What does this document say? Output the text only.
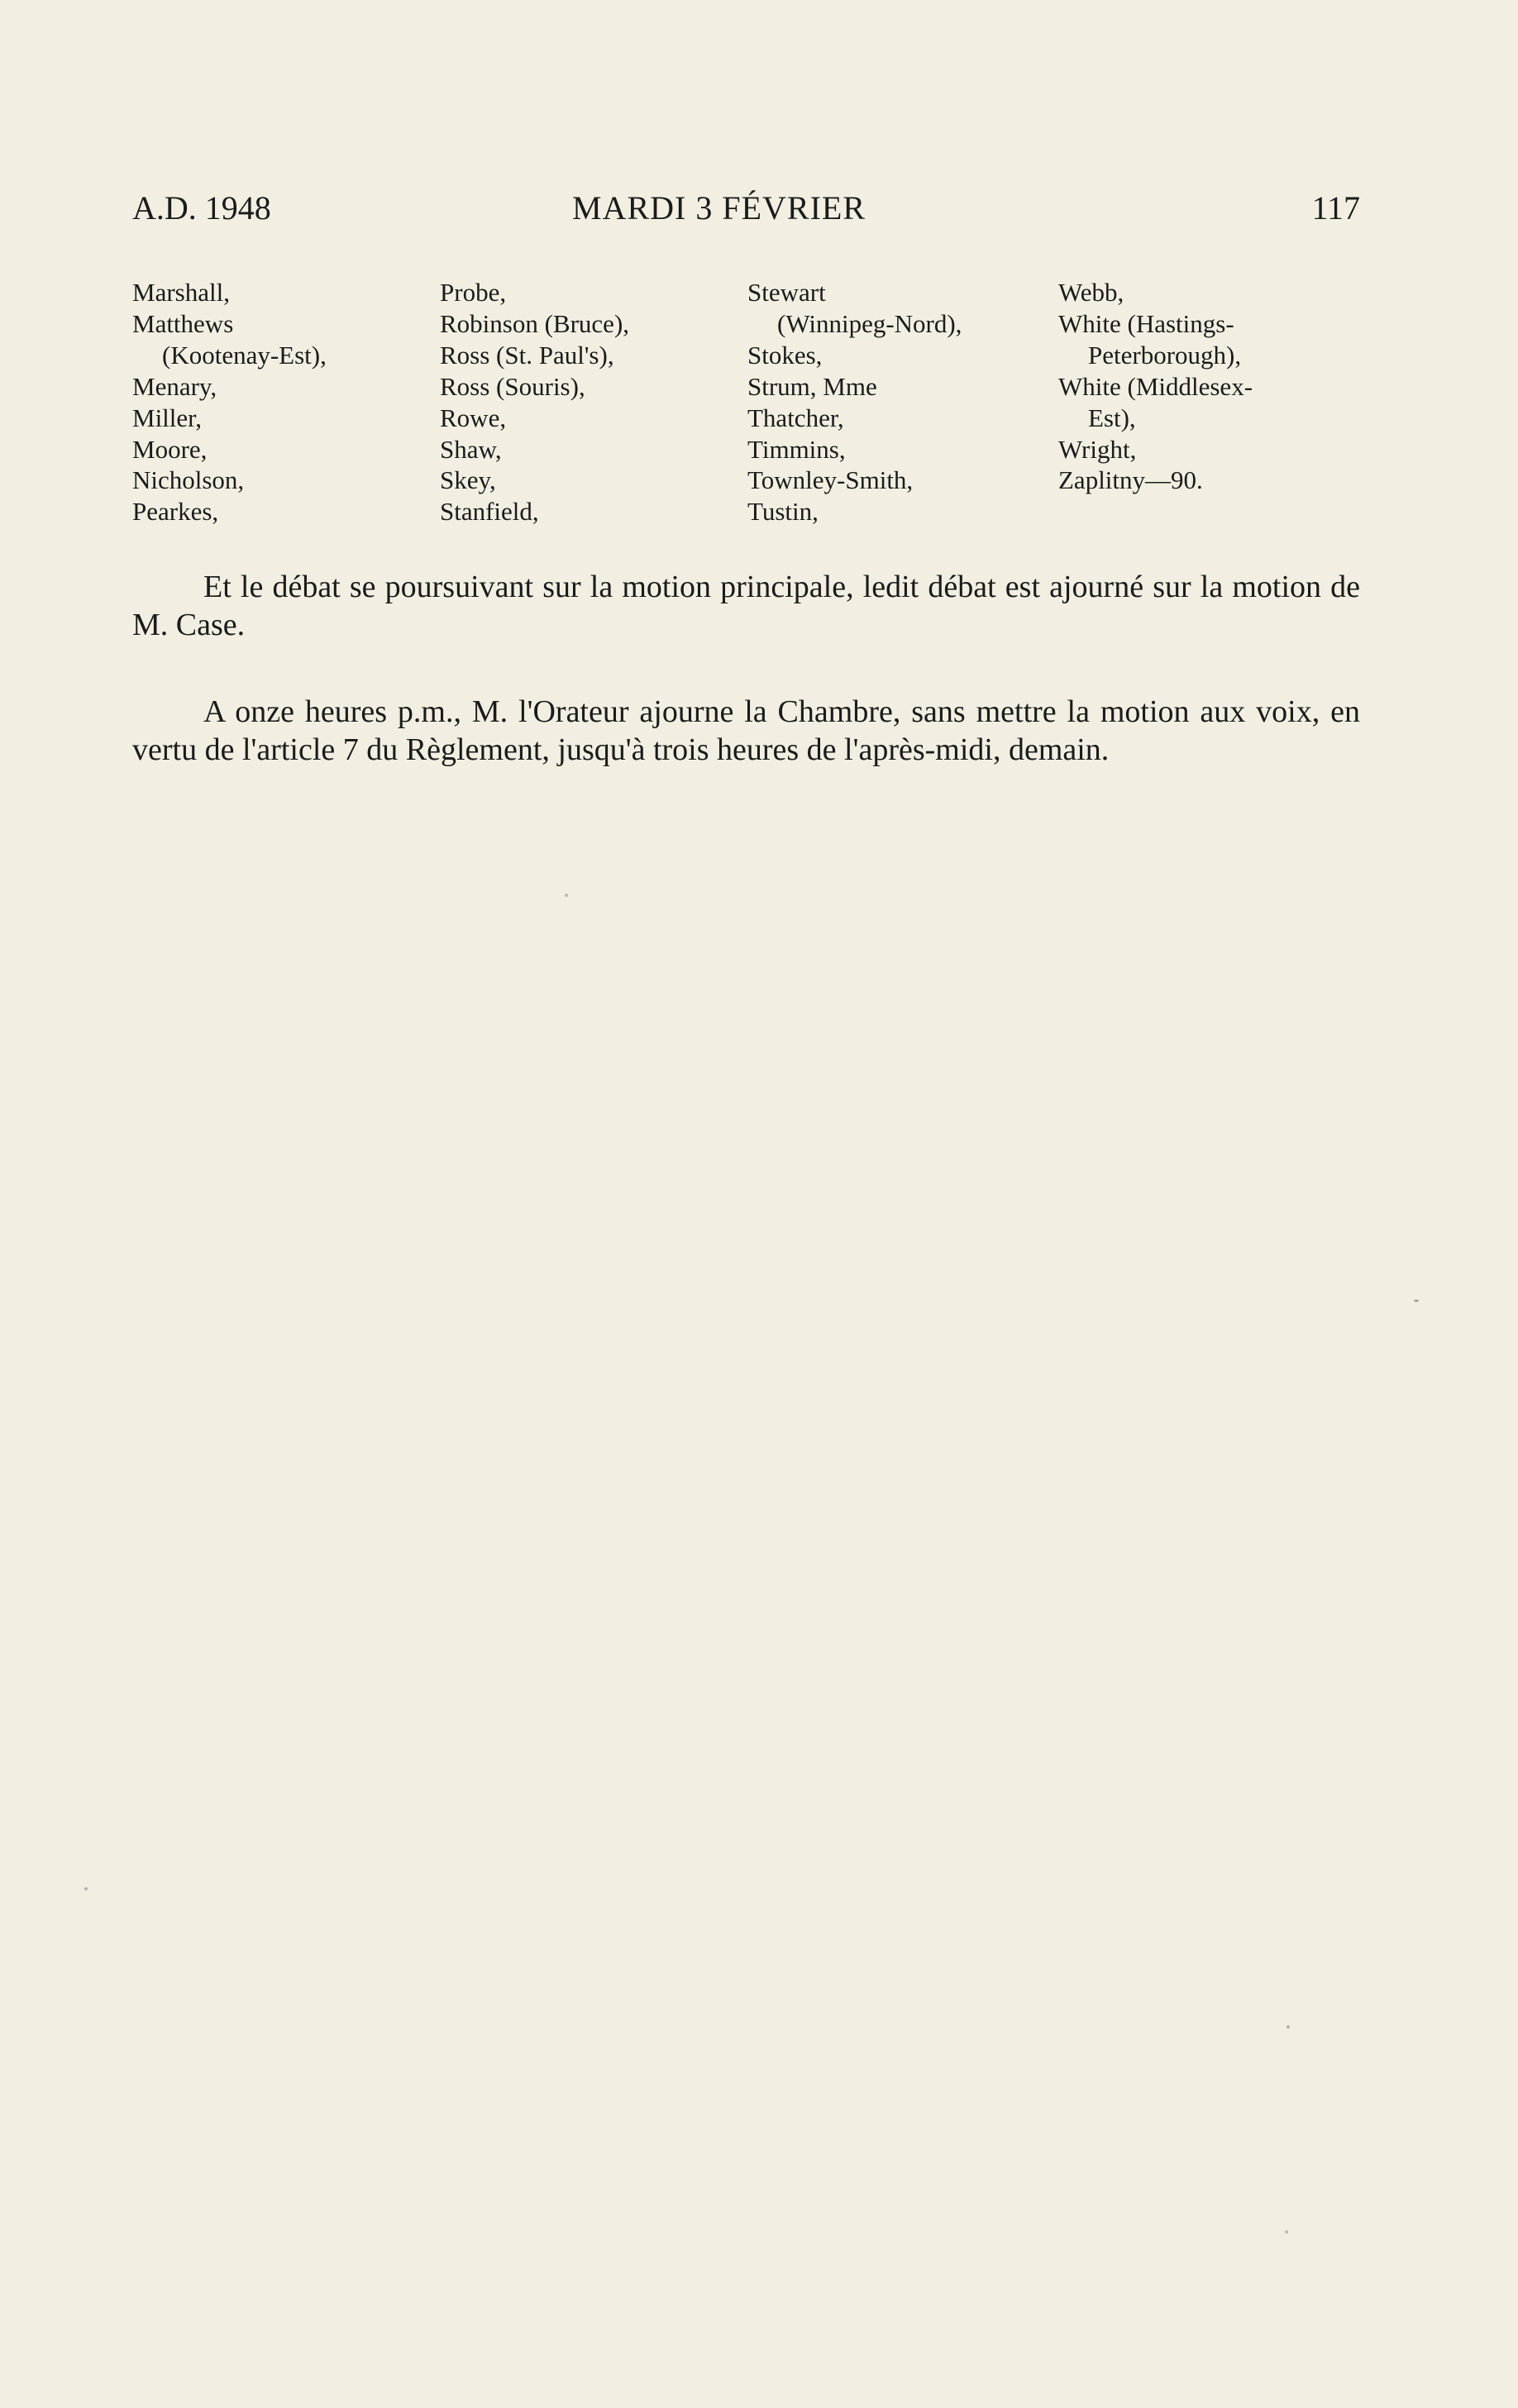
A.D. 1948	MARDI 3 FÉVRIER	117
Marshall,
Matthews
(Kootenay-Est),
Menary,
Miller,
Moore,
Nicholson,
Pearkes,
Probe,
Robinson (Bruce),
Ross (St. Paul's),
Ross (Souris),
Rowe,
Shaw,
Skey,
Stanfield,
Stewart
(Winnipeg-Nord),
Stokes,
Strum, Mme
Thatcher,
Timmins,
Townley-Smith,
Tustin,
Webb,
White (Hastings-
Peterborough),
White (Middlesex-
Est),
Wright,
Zaplitny—90.

Et le débat se poursuivant sur la motion principale, ledit débat est ajourné sur la motion de M. Case.

A onze heures p.m., M. l'Orateur ajourne la Chambre, sans mettre la motion aux voix, en vertu de l'article 7 du Règlement, jusqu'à trois heures de l'après-midi, demain.
